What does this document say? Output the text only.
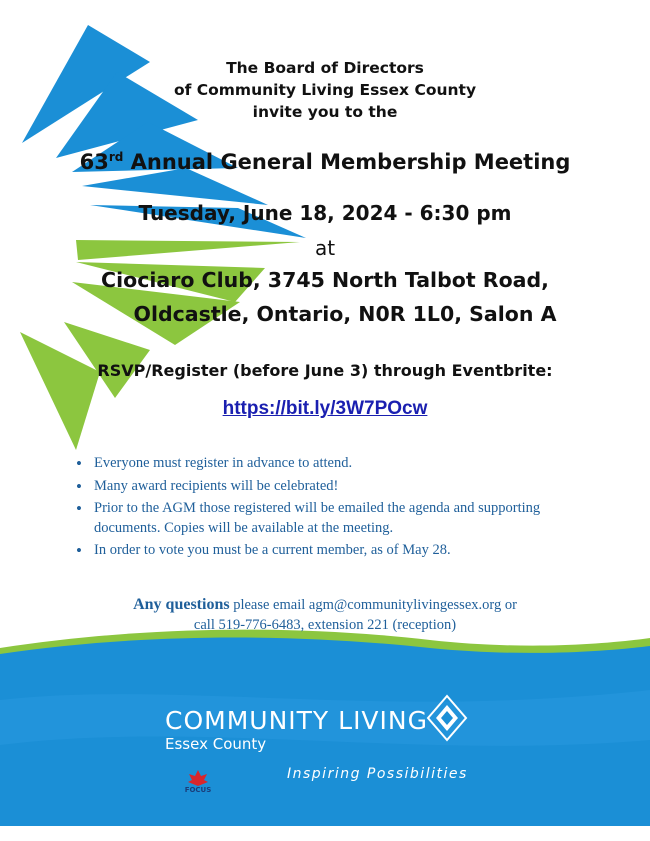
The Board of Directors
of Community Living Essex County
invite you to the
63rd Annual General Membership Meeting
Tuesday, June 18, 2024 - 6:30 pm
at
Ciociaro Club, 3745 North Talbot Road,
Oldcastle, Ontario, N0R 1L0, Salon A
RSVP/Register (before June 3) through Eventbrite:
https://bit.ly/3W7POcw
• Everyone must register in advance to attend.
• Many award recipients will be celebrated!
• Prior to the AGM those registered will be emailed the agenda and supporting documents. Copies will be available at the meeting.
• In order to vote you must be a current member, as of May 28.
Any questions please email agm@communitylivingessex.org or
call 519-776-6483, extension 221 (reception)
COMMUNITY LIVING
Essex County
Inspiring Possibilities
FOCUS
